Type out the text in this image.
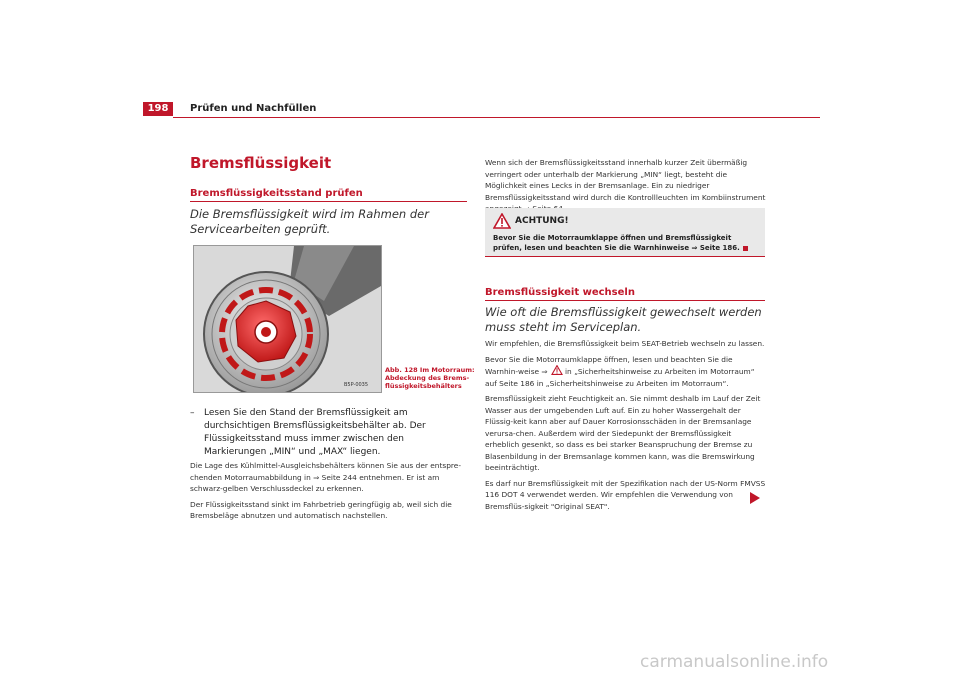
198	Prüfen und Nachfüllen
Bremsflüssigkeit
Bremsflüssigkeitsstand prüfen
Die Bremsflüssigkeit wird im Rahmen der Servicearbeiten geprüft.
B5P-0035
Abb. 128 Im Motorraum: Abdeckung des Brems-flüssigkeitsbehälters
– Lesen Sie den Stand der Bremsflüssigkeit am durchsichtigen Bremsflüssigkeitsbehälter ab. Der Flüssigkeitsstand muss immer zwischen den Markierungen „MIN“ und „MAX“ liegen.

Die Lage des Kühlmittel-Ausgleichsbehälters können Sie aus der entspre-chenden Motorraumabbildung in ⇒ Seite 244 entnehmen. Er ist am schwarz-gelben Verschlussdeckel zu erkennen.

Der Flüssigkeitsstand sinkt im Fahrbetrieb geringfügig ab, weil sich die Bremsbeläge abnutzen und automatisch nachstellen.

Wenn sich der Bremsflüssigkeitsstand innerhalb kurzer Zeit übermäßig verringert oder unterhalb der Markierung „MIN“ liegt, besteht die Möglichkeit eines Lecks in der Bremsanlage. Ein zu niedriger Bremsflüssigkeitsstand wird durch die Kontrollleuchten im Kombiinstrument

ACHTUNG!
Bevor Sie die Motorraumklappe öffnen und Bremsflüssigkeit prüfen, lesen und beachten Sie die Warnhinweise ⇒ Seite 186.
Bremsflüssigkeit wechseln
Wie oft die Bremsflüssigkeit gewechselt werden muss steht im Serviceplan.

Wir empfehlen, die Bremsflüssigkeit beim SEAT-Betrieb wechseln zu lassen.

Bevor Sie die Motorraumklappe öffnen, lesen und beachten Sie die Warnhin-weise ⇒ in „Sicherheitshinweise zu Arbeiten im Motorraum“ auf Seite 186 in „Sicherheitshinweise zu Arbeiten im Motorraum“.

Bremsflüssigkeit zieht Feuchtigkeit an. Sie nimmt deshalb im Lauf der Zeit Wasser aus der umgebenden Luft auf. Ein zu hoher Wassergehalt der Flüssig-keit kann aber auf Dauer Korrosionsschäden in der Bremsanlage verursa-chen. Außerdem wird der Siedepunkt der Bremsflüssigkeit erheblich gesenkt, so dass es bei starker Beanspruchung der Bremse zu Blasenbildung in der Bremsanlage kommen kann, was die Bremswirkung beeinträchtigt.

Es darf nur Bremsflüssigkeit mit der Spezifikation nach der US-Norm FMVSS 116 DOT 4 verwendet werden. Wir empfehlen die Verwendung von Bremsflüs-sigkeit "Original SEAT".

carmanualsonline.info
